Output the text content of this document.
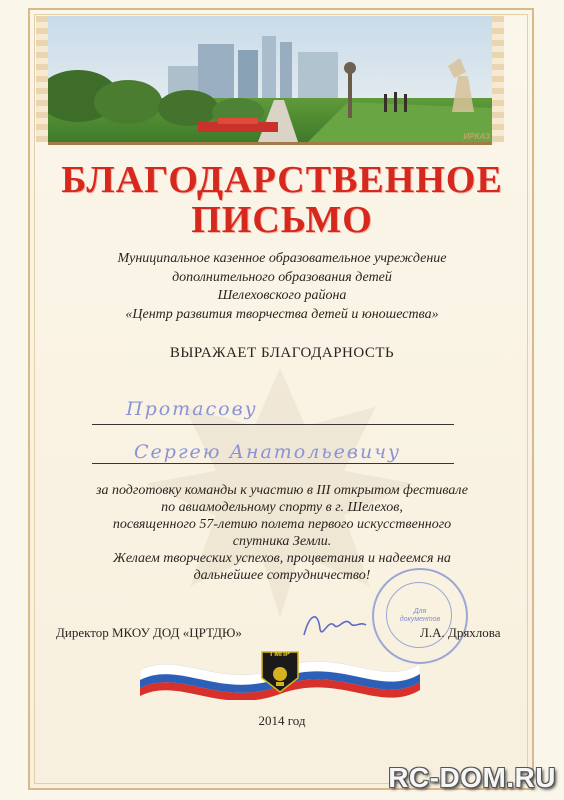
ИРКАЗ
БЛАГОДАРСТВЕННОЕ
ПИСЬМО
Муниципальное казенное образовательное учреждение
дополнительного образования детей
Шелеховского района
«Центр развития творчества детей и юношества»
ВЫРАЖАЕТ БЛАГОДАРНОСТЬ
Протасову
Сергею Анатольевичу
за подготовку команды к участию в III открытом фестивале
по авиамодельному спорту в г. Шелехов,
посвященного 57-летию полета первого искусственного
спутника Земли.
Желаем творческих успехов, процветания и надеемся на
дальнейшее сотрудничество!
Для
документов
Директор МКОУ ДОД «ЦРТДЮ»	Л.А. Дряхлова
ГМПР
2014 год
RC-DOM.RU
